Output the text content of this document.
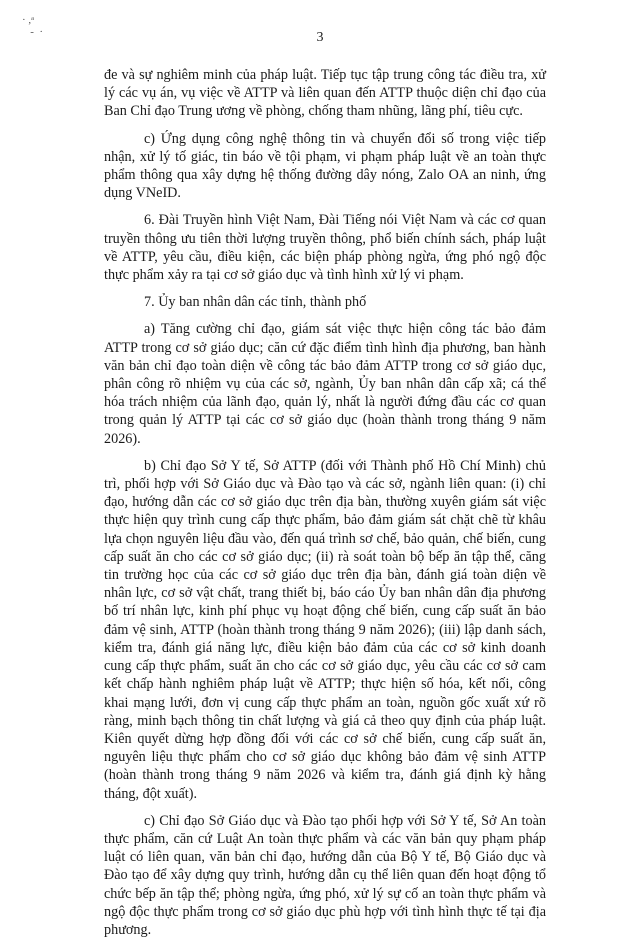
· ,ᵃ
-  ·	3

đe và sự nghiêm minh của pháp luật. Tiếp tục tập trung công tác điều tra, xử lý các vụ án, vụ việc về ATTP và liên quan đến ATTP thuộc diện chỉ đạo của Ban Chỉ đạo Trung ương về phòng, chống tham nhũng, lãng phí, tiêu cực.

c) Ứng dụng công nghệ thông tin và chuyển đổi số trong việc tiếp nhận, xử lý tố giác, tin báo về tội phạm, vi phạm pháp luật về an toàn thực phẩm thông qua xây dựng hệ thống đường dây nóng, Zalo OA an ninh, ứng dụng VNeID.

6. Đài Truyền hình Việt Nam, Đài Tiếng nói Việt Nam và các cơ quan truyền thông ưu tiên thời lượng truyền thông, phổ biến chính sách, pháp luật về ATTP, yêu cầu, điều kiện, các biện pháp phòng ngừa, ứng phó ngộ độc thực phẩm xảy ra tại cơ sở giáo dục và tình hình xử lý vi phạm.

7. Ủy ban nhân dân các tỉnh, thành phố

a) Tăng cường chỉ đạo, giám sát việc thực hiện công tác bảo đảm ATTP trong cơ sở giáo dục; căn cứ đặc điểm tình hình địa phương, ban hành văn bản chỉ đạo toàn diện về công tác bảo đảm ATTP trong cơ sở giáo dục, phân công rõ nhiệm vụ của các sở, ngành, Ủy ban nhân dân cấp xã; cá thể hóa trách nhiệm của lãnh đạo, quản lý, nhất là người đứng đầu các cơ quan trong quản lý ATTP tại các cơ sở giáo dục (hoàn thành trong tháng 9 năm 2026).

b) Chỉ đạo Sở Y tế, Sở ATTP (đối với Thành phố Hồ Chí Minh) chủ trì, phối hợp với Sở Giáo dục và Đào tạo và các sở, ngành liên quan: (i) chỉ đạo, hướng dẫn các cơ sở giáo dục trên địa bàn, thường xuyên giám sát việc thực hiện quy trình cung cấp thực phẩm, bảo đảm giám sát chặt chẽ từ khâu lựa chọn nguyên liệu đầu vào, đến quá trình sơ chế, bảo quản, chế biến, cung cấp suất ăn cho các cơ sở giáo dục; (ii) rà soát toàn bộ bếp ăn tập thể, căng tin trường học của các cơ sở giáo dục trên địa bàn, đánh giá toàn diện về nhân lực, cơ sở vật chất, trang thiết bị, báo cáo Ủy ban nhân dân địa phương bố trí nhân lực, kinh phí phục vụ hoạt động chế biến, cung cấp suất ăn bảo đảm vệ sinh, ATTP (hoàn thành trong tháng 9 năm 2026); (iii) lập danh sách, kiểm tra, đánh giá năng lực, điều kiện bảo đảm của các cơ sở kinh doanh cung cấp thực phẩm, suất ăn cho các cơ sở giáo dục, yêu cầu các cơ sở cam kết chấp hành nghiêm pháp luật về ATTP; thực hiện số hóa, kết nối, công khai mạng lưới, đơn vị cung cấp thực phẩm an toàn, nguồn gốc xuất xứ rõ ràng, minh bạch thông tin chất lượng và giá cả theo quy định của pháp luật. Kiên quyết dừng hợp đồng đối với các cơ sở chế biến, cung cấp suất ăn, nguyên liệu thực phẩm cho cơ sở giáo dục không bảo đảm vệ sinh ATTP (hoàn thành trong tháng 9 năm 2026 và kiểm tra, đánh giá định kỳ hằng tháng, đột xuất).

c) Chỉ đạo Sở Giáo dục và Đào tạo phối hợp với Sở Y tế, Sở An toàn thực phẩm, căn cứ Luật An toàn thực phẩm và các văn bản quy phạm pháp luật có liên quan, văn bản chỉ đạo, hướng dẫn của Bộ Y tế, Bộ Giáo dục và Đào tạo để xây dựng quy trình, hướng dẫn cụ thể liên quan đến hoạt động tổ chức bếp ăn tập thể; phòng ngừa, ứng phó, xử lý sự cố an toàn thực phẩm và ngộ độc thực phẩm trong cơ sở giáo dục phù hợp với tình hình thực tế tại địa phương.
